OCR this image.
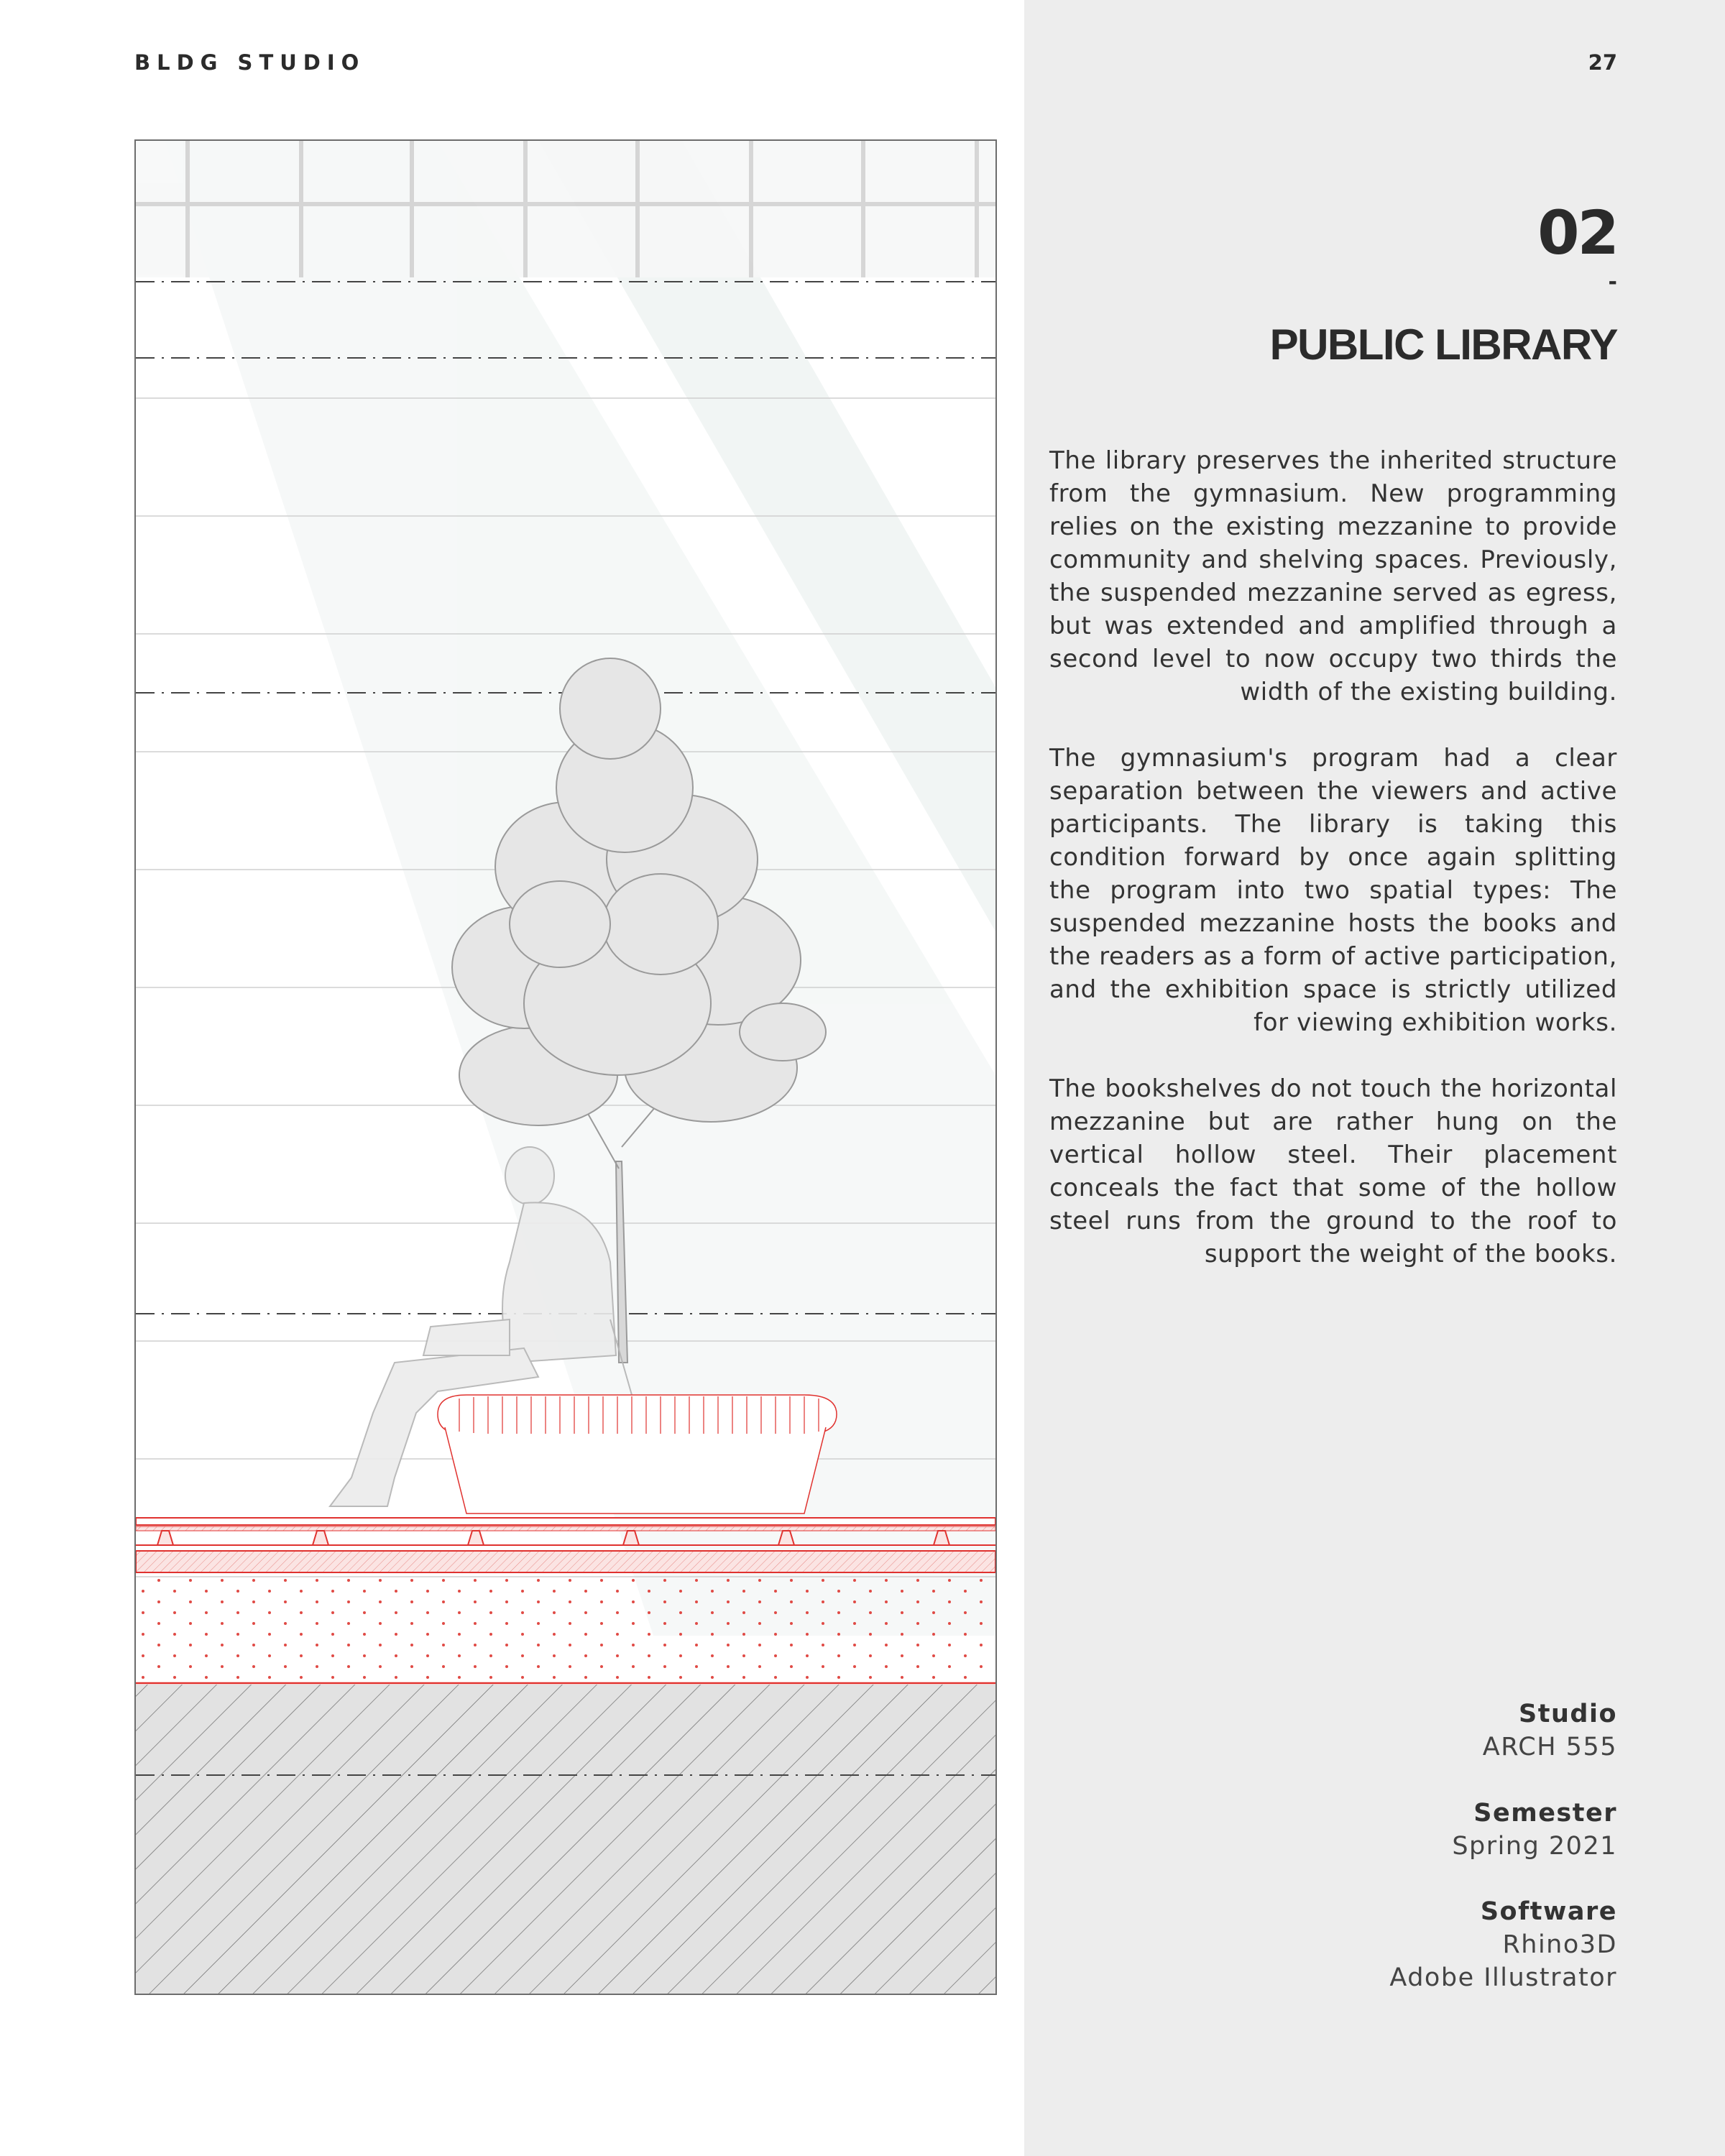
BLDG STUDIO	27
02
-
PUBLIC LIBRARY

The library preserves the inherited structure from the gymnasium. New programming relies on the existing mezzanine to provide community and shelving spaces. Previously, the suspended mezzanine served as egress, but was extended and amplified through a second level to now occupy two thirds the width of the existing building.

The gymnasium's program had a clear separation between the viewers and active participants. The library is taking this condition forward by once again splitting the program into two spatial types: The suspended mezzanine hosts the books and the readers as a form of active participation, and the exhibition space is strictly utilized for viewing exhibition works.

The bookshelves do not touch the horizontal mezzanine but are rather hung on the vertical hollow steel. Their placement conceals the fact that some of the hollow steel runs from the ground to the roof to support the weight of the books.

Studio
ARCH 555
Semester
Spring 2021
Software
Rhino3D
Adobe Illustrator
